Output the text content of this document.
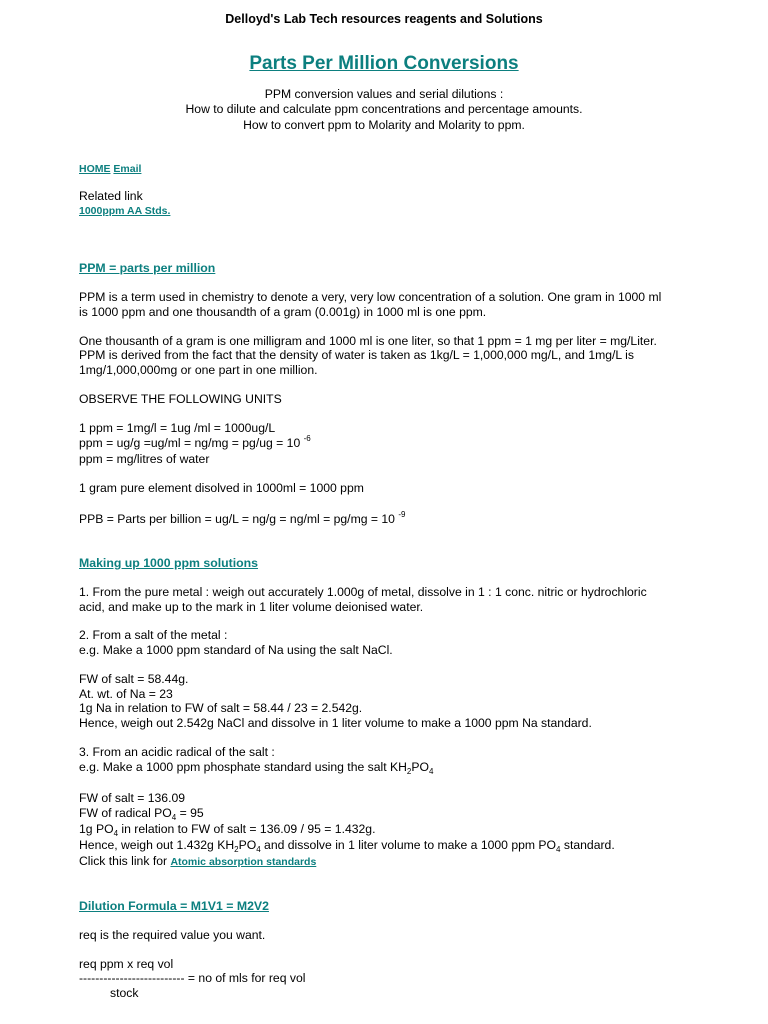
Delloyd's Lab Tech resources reagents and Solutions
Parts Per Million Conversions
PPM conversion values and serial dilutions :
How to dilute and calculate ppm concentrations and percentage amounts.
How to convert ppm to Molarity and Molarity to ppm.
HOME Email
Related link
1000ppm AA Stds.
PPM = parts per million
PPM is a term used in chemistry to denote a very, very low concentration of a solution. One gram in 1000 ml
is 1000 ppm and one thousandth of a gram (0.001g) in 1000 ml is one ppm.
One thousanth of a gram is one milligram and 1000 ml is one liter, so that 1 ppm = 1 mg per liter = mg/Liter.
PPM is derived from the fact that the density of water is taken as 1kg/L = 1,000,000 mg/L, and 1mg/L is
1mg/1,000,000mg or one part in one million.
OBSERVE THE FOLLOWING UNITS
1 ppm = 1mg/l = 1ug /ml = 1000ug/L
ppm = ug/g =ug/ml = ng/mg = pg/ug = 10 $^{-6}$
ppm = mg/litres of water
1 gram pure element disolved in 1000ml = 1000 ppm
PPB = Parts per billion = ug/L = ng/g = ng/ml = pg/mg = 10 $^{-9}$
Making up 1000 ppm solutions
1. From the pure metal : weigh out accurately 1.000g of metal, dissolve in 1 : 1 conc. nitric or hydrochloric
acid, and make up to the mark in 1 liter volume deionised water.
2. From a salt of the metal :
e.g. Make a 1000 ppm standard of Na using the salt NaCl.
FW of salt = 58.44g.
At. wt. of Na = 23
1g Na in relation to FW of salt = 58.44 / 23 = 2.542g.
Hence, weigh out 2.542g NaCl and dissolve in 1 liter volume to make a 1000 ppm Na standard.
3. From an acidic radical of the salt :
e.g. Make a 1000 ppm phosphate standard using the salt $KH_2PO_4$
FW of salt = 136.09
FW of radical $PO_4 = 95$
1g $PO_4$ in relation to FW of salt = 136.09 / 95 = 1.432g.
Hence, weigh out 1.432g $KH_2PO_4$ and dissolve in 1 liter volume to make a 1000 ppm $PO_4$ standard.
Click this link for Atomic absorption standards
Dilution Formula = M1V1 = M2V2
req is the required value you want.
req ppm x req vol
-------------------------- = no of mls for req vol
stock
